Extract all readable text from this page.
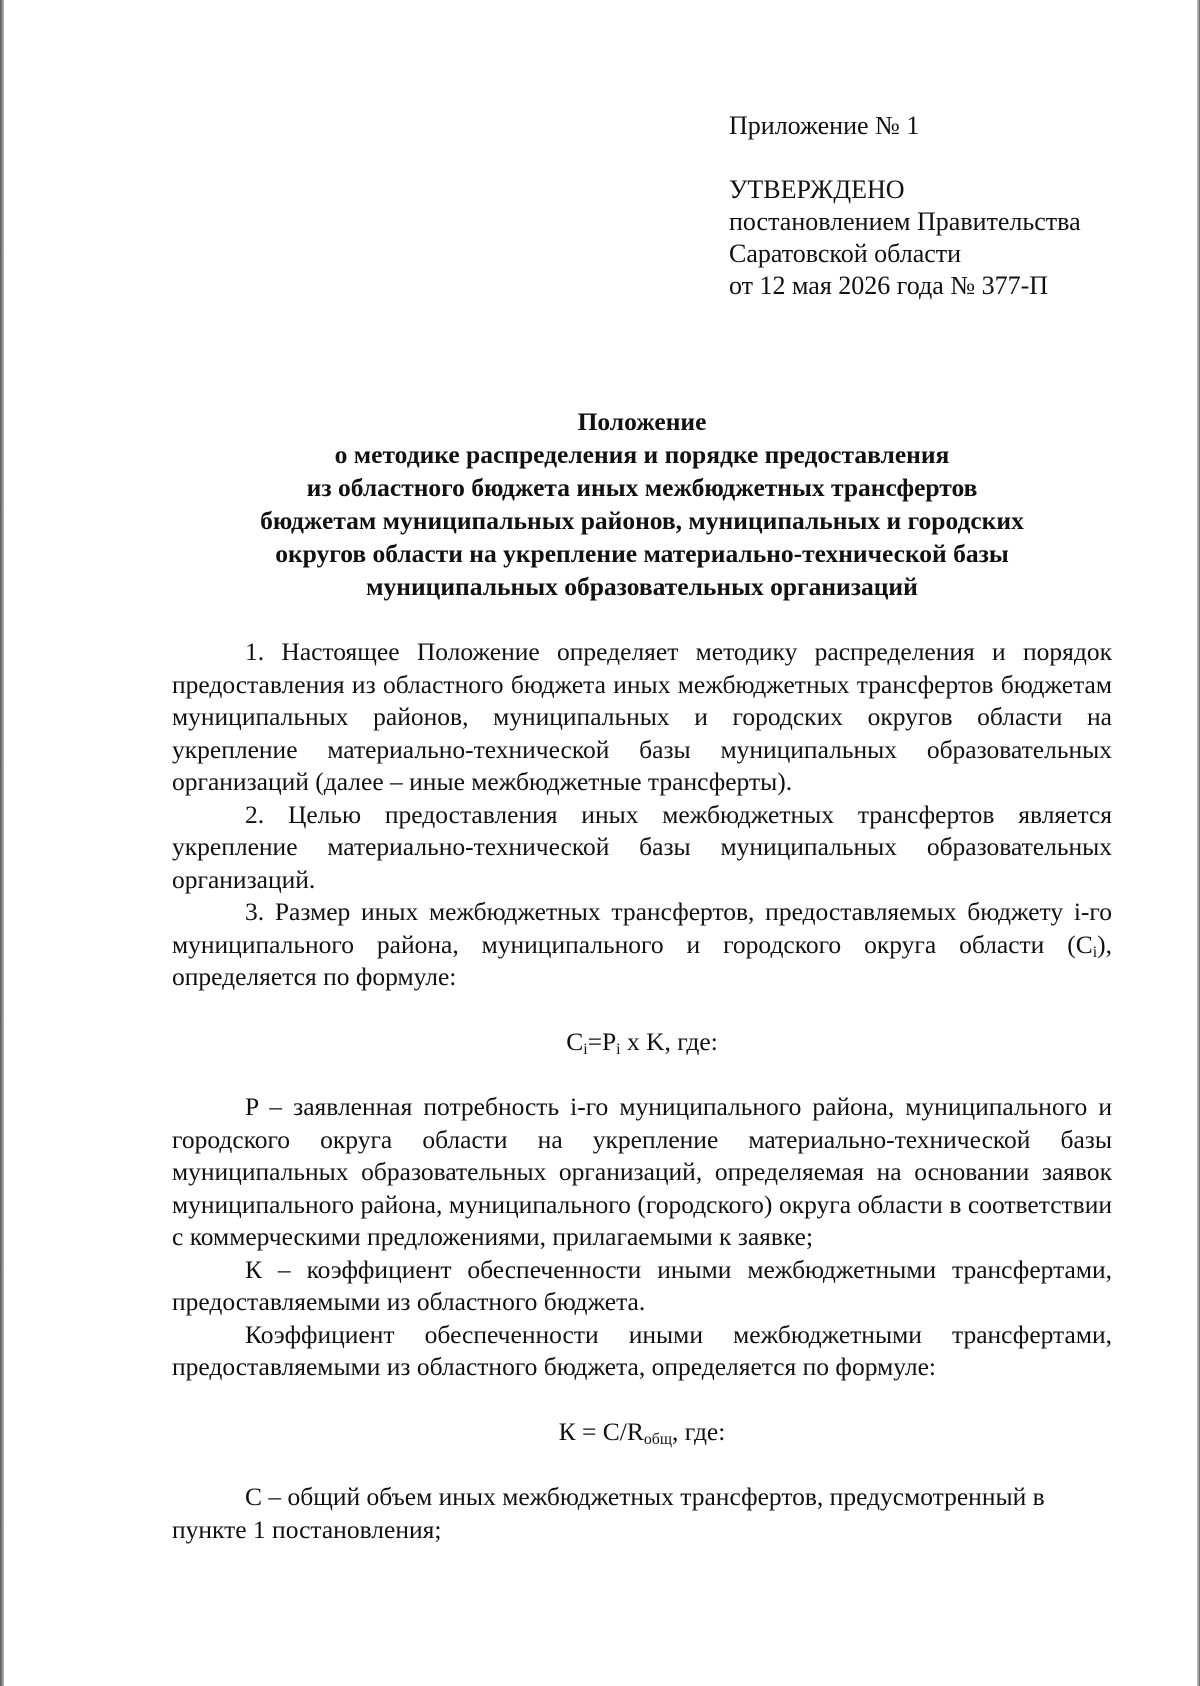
Приложение № 1
УТВЕРЖДЕНО
постановлением Правительства
Саратовской области
от 12 мая 2026 года № 377-П
Положение
о методике распределения и порядке предоставления
из областного бюджета иных межбюджетных трансфертов
бюджетам муниципальных районов, муниципальных и городских
округов области на укрепление материально-технической базы
муниципальных образовательных организаций

1. Настоящее Положение определяет методику распределения и порядок предоставления из областного бюджета иных межбюджетных трансфертов бюджетам муниципальных районов, муниципальных и городских округов области на укрепление материально-технической базы муниципальных образовательных организаций (далее – иные межбюджетные трансферты).

2. Целью предоставления иных межбюджетных трансфертов является укрепление материально-технической базы муниципальных образовательных организаций.

3. Размер иных межбюджетных трансфертов, предоставляемых бюджету i-го муниципального района, муниципального и городского округа области $(C_i)$, определяется по формуле:

$C_i=P_i$ x K, где:

P – заявленная потребность i-го муниципального района, муниципального и городского округа области на укрепление материально-технической базы муниципальных образовательных организаций, определяемая на основании заявок муниципального района, муниципального (городского) округа области в соответствии с коммерческими предложениями, прилагаемыми к заявке;

К – коэффициент обеспеченности иными межбюджетными трансфертами, предоставляемыми из областного бюджета.

Коэффициент обеспеченности иными межбюджетными трансфертами, предоставляемыми из областного бюджета, определяется по формуле:

$К = С/R_{общ}$, где:

С – общий объем иных межбюджетных трансфертов, предусмотренный в пункте 1 постановления;
